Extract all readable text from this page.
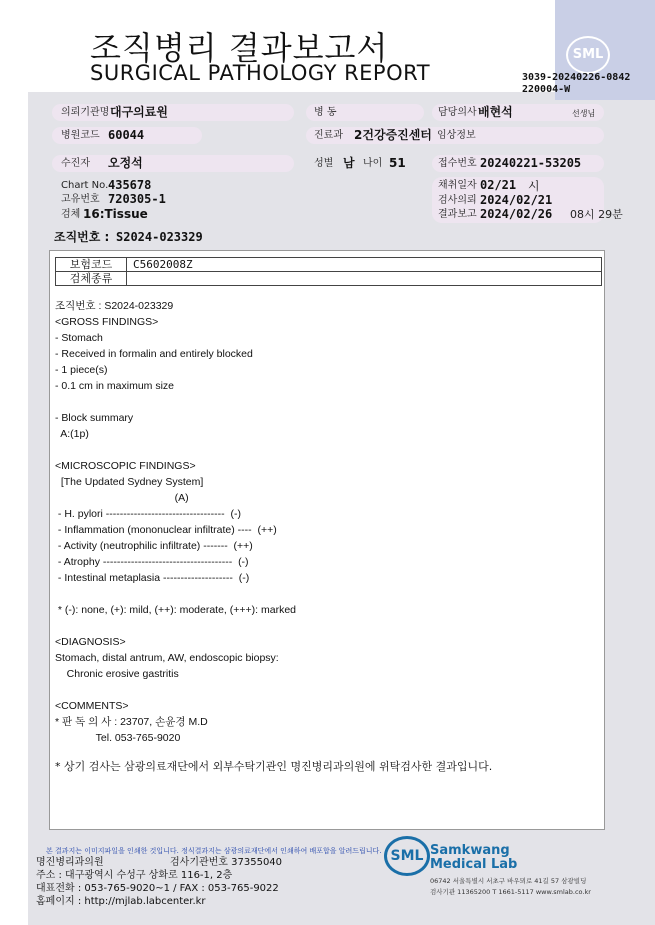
조직병리 결과보고서
SURGICAL PATHOLOGY REPORT
SML
3039-20240226-0842
220004-W
의뢰기관명 대구의료원	병 동	담당의사 배현석	선생님
병원코드 60044	진료과 2건강증진센터 임상정보
수진자 오정석	성별 남 나이 51	접수번호 20240221-53205
Chart No. 435678
고유번호 720305-1
검체 16:Tissue
채취일자 02/21 시
검사의뢰 2024/02/21
결과보고 2024/02/26 08시 29분
조직번호 : S2024-023329
보험코드	C5602008Z
검체종류	
조직번호 : S2024-023329
<GROSS FINDINGS>
- Stomach
- Received in formalin and entirely blocked
- 1 piece(s)
- 0.1 cm in maximum size

- Block summary
A:(1p)

<MICROSCOPIC FINDINGS>
[The Updated Sydney System]
(A)
- H. pylori ----------------------------------  (-)
- Inflammation (mononuclear infiltrate) ----  (++)
- Activity (neutrophilic infiltrate) -------  (++)
- Atrophy -------------------------------------  (-)
- Intestinal metaplasia --------------------  (-)

* (-): none, (+): mild, (++): moderate, (+++): marked

<DIAGNOSIS>
Stomach, distal antrum, AW, endoscopic biopsy:
Chronic erosive gastritis

<COMMENTS>
* 판 독 의 사 : 23707, 손윤경 M.D
Tel. 053-765-9020
* 상기 검사는 삼광의료재단에서 외부수탁기관인 명진병리과의원에 위탁검사한 결과입니다.
본 결과지는 이미지파일을 인쇄한 것입니다. 정식결과지는 삼광의료재단에서 인쇄하여 배포합을 알려드립니다.
명진병리과의원	검사기관번호 37355040
주소 : 대구광역시 수성구 상화로 116-1, 2층
대표전화 : 053-765-9020~1 / FAX : 053-765-9022
홈페이지 : http://mjlab.labcenter.kr
SML Samkwang
Medical Lab
06742 서울특별시 서초구 바우뫼로 41길 57 삼광빌딩
검사기관 11365200 T 1661-5117 www.smlab.co.kr
